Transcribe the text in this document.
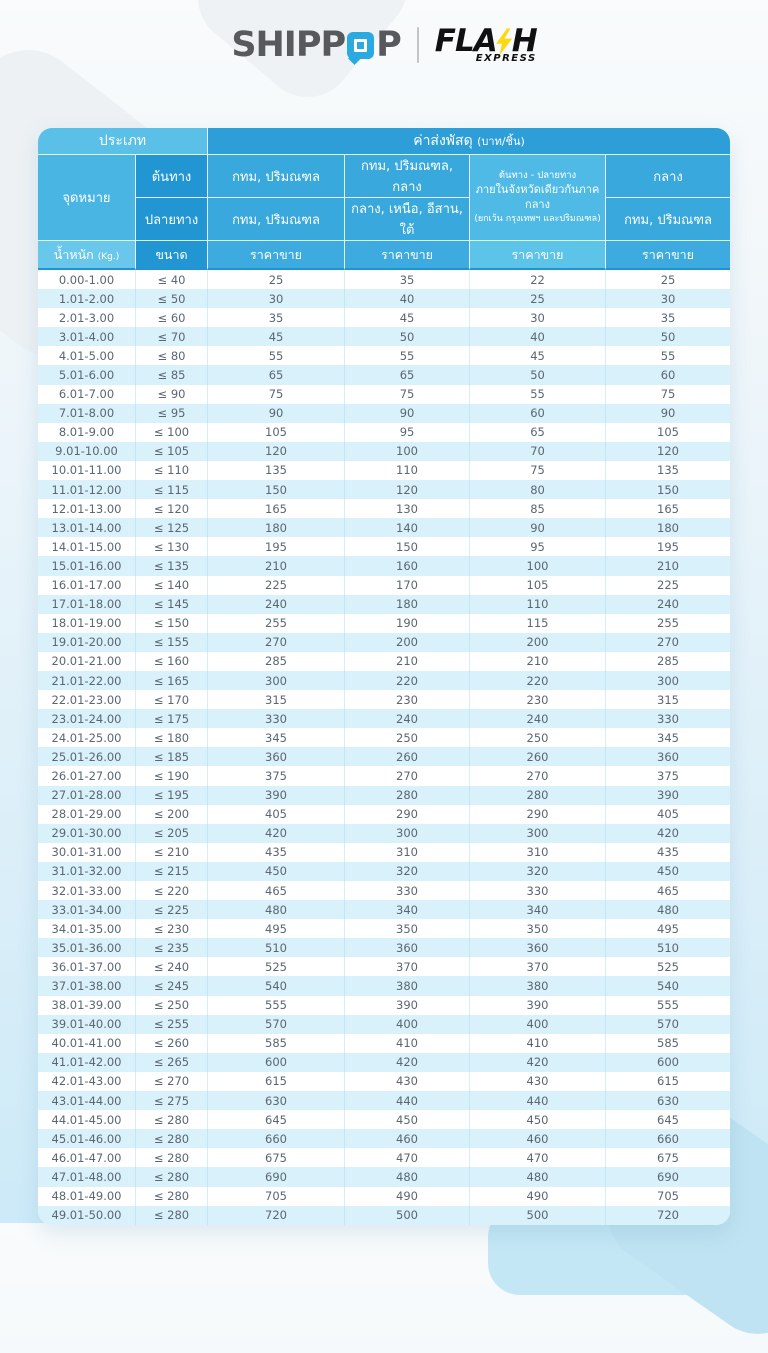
SHIPP P FLA H
EXPRESS
ประเภท		ค่าส่งพัสดุ (บาท/ชิ้น)			
จุดหมาย	ต้นทาง	กทม, ปริมณฑล	กทม, ปริมณฑล, กลาง	ต้นทาง - ปลายทาง
ภายในจังหวัดเดียวกันภาคกลาง
(ยกเว้น กรุงเทพฯ และปริมณฑล)	กลาง
	ปลายทาง	กทม, ปริมณฑล	กลาง, เหนือ, อีสาน, ใต้		กทม, ปริมณฑล
น้ำหนัก (Kg.)	ขนาด	ราคาขาย	ราคาขาย	ราคาขาย	ราคาขาย
0.00-1.00	≤ 40	25	35	22	25
1.01-2.00	≤ 50	30	40	25	30
2.01-3.00	≤ 60	35	45	30	35
3.01-4.00	≤ 70	45	50	40	50
4.01-5.00	≤ 80	55	55	45	55
5.01-6.00	≤ 85	65	65	50	60
6.01-7.00	≤ 90	75	75	55	75
7.01-8.00	≤ 95	90	90	60	90
8.01-9.00	≤ 100	105	95	65	105
9.01-10.00	≤ 105	120	100	70	120
10.01-11.00	≤ 110	135	110	75	135
11.01-12.00	≤ 115	150	120	80	150
12.01-13.00	≤ 120	165	130	85	165
13.01-14.00	≤ 125	180	140	90	180
14.01-15.00	≤ 130	195	150	95	195
15.01-16.00	≤ 135	210	160	100	210
16.01-17.00	≤ 140	225	170	105	225
17.01-18.00	≤ 145	240	180	110	240
18.01-19.00	≤ 150	255	190	115	255
19.01-20.00	≤ 155	270	200	200	270
20.01-21.00	≤ 160	285	210	210	285
21.01-22.00	≤ 165	300	220	220	300
22.01-23.00	≤ 170	315	230	230	315
23.01-24.00	≤ 175	330	240	240	330
24.01-25.00	≤ 180	345	250	250	345
25.01-26.00	≤ 185	360	260	260	360
26.01-27.00	≤ 190	375	270	270	375
27.01-28.00	≤ 195	390	280	280	390
28.01-29.00	≤ 200	405	290	290	405
29.01-30.00	≤ 205	420	300	300	420
30.01-31.00	≤ 210	435	310	310	435
31.01-32.00	≤ 215	450	320	320	450
32.01-33.00	≤ 220	465	330	330	465
33.01-34.00	≤ 225	480	340	340	480
34.01-35.00	≤ 230	495	350	350	495
35.01-36.00	≤ 235	510	360	360	510
36.01-37.00	≤ 240	525	370	370	525
37.01-38.00	≤ 245	540	380	380	540
38.01-39.00	≤ 250	555	390	390	555
39.01-40.00	≤ 255	570	400	400	570
40.01-41.00	≤ 260	585	410	410	585
41.01-42.00	≤ 265	600	420	420	600
42.01-43.00	≤ 270	615	430	430	615
43.01-44.00	≤ 275	630	440	440	630
44.01-45.00	≤ 280	645	450	450	645
45.01-46.00	≤ 280	660	460	460	660
46.01-47.00	≤ 280	675	470	470	675
47.01-48.00	≤ 280	690	480	480	690
48.01-49.00	≤ 280	705	490	490	705
49.01-50.00	≤ 280	720	500	500	720
